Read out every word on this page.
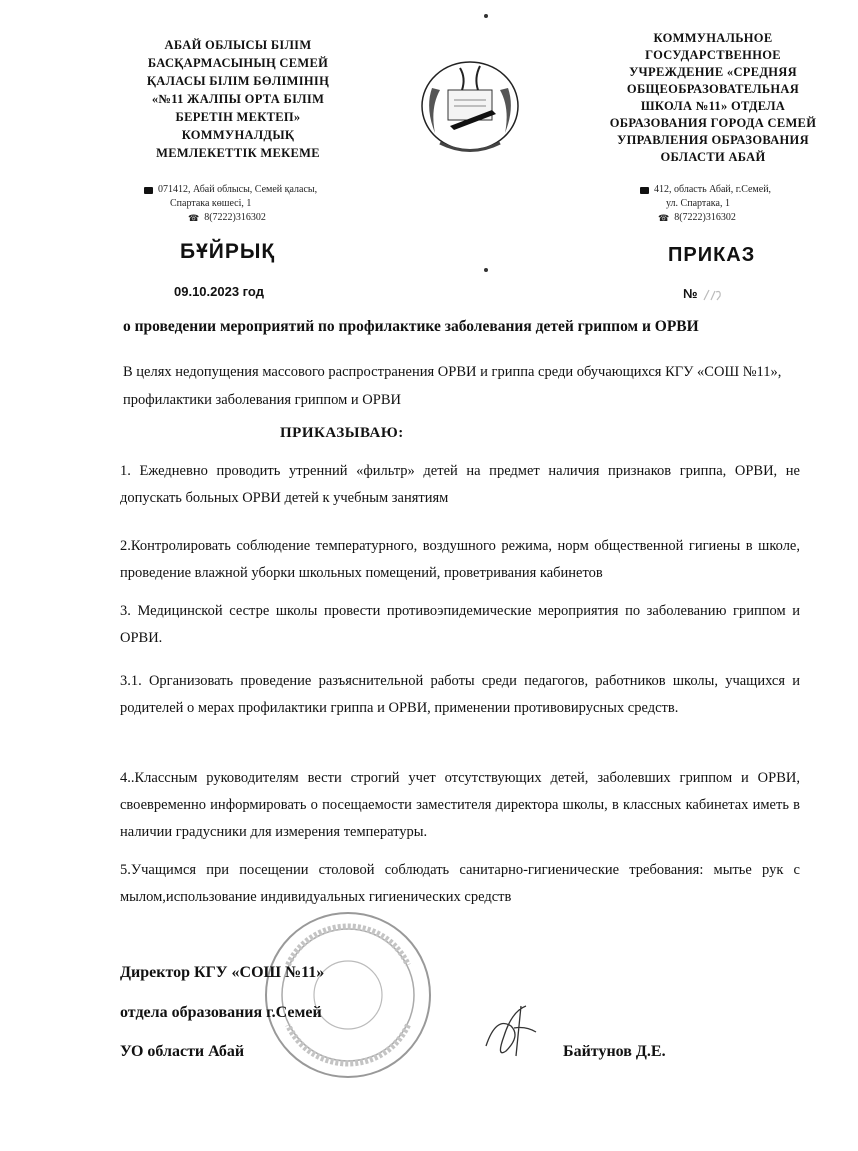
АБАЙ ОБЛЫСЫ БІЛІМ
БАСҚАРМАСЫНЫҢ СЕМЕЙ
ҚАЛАСЫ БІЛІМ БӨЛІМІНІҢ
«№11 ЖАЛПЫ ОРТА БІЛІМ
БЕРЕТІН МЕКТЕП»
КОММУНАЛДЫҚ
МЕМЛЕКЕТТІК МЕКЕМЕ
КОММУНАЛЬНОЕ
ГОСУДАРСТВЕННОЕ
УЧРЕЖДЕНИЕ «СРЕДНЯЯ
ОБЩЕОБРАЗОВАТЕЛЬНАЯ
ШКОЛА №11» ОТДЕЛА
ОБРАЗОВАНИЯ ГОРОДА СЕМЕЙ
УПРАВЛЕНИЯ ОБРАЗОВАНИЯ
ОБЛАСТИ АБАЙ
071412, Абай облысы, Семей қаласы,
Спартака көшесі, 1
☎ 8(7222)316302
412, область Абай, г.Семей,
ул. Спартака, 1
☎ 8(7222)316302
БҰЙРЫҚ	ПРИКАЗ
09.10.2023 год	№
о проведении мероприятий по профилактике заболевания детей гриппом и ОРВИ
В целях недопущения массового распространения ОРВИ и гриппа среди обучающихся КГУ «СОШ №11», профилактики заболевания гриппом и ОРВИ
ПРИКАЗЫВАЮ:
1. Ежедневно проводить утренний «фильтр» детей на предмет наличия признаков гриппа, ОРВИ, не допускать больных ОРВИ детей к учебным занятиям
2.Контролировать соблюдение температурного, воздушного режима, норм общественной гигиены в школе, проведение влажной уборки школьных помещений, проветривания кабинетов
3. Медицинской сестре школы провести противоэпидемические мероприятия по заболеванию гриппом и ОРВИ.
3.1. Организовать проведение разъяснительной работы среди педагогов, работников школы, учащихся и родителей о мерах профилактики гриппа и ОРВИ, применении противовирусных средств.
4..Классным руководителям вести строгий учет отсутствующих детей, заболевших гриппом и ОРВИ, своевременно информировать о посещаемости заместителя директора школы, в классных кабинетах иметь в наличии градусники для измерения температуры.
5.Учащимся при посещении столовой соблюдать санитарно-гигиенические требования: мытье рук с мылом,использование индивидуальных гигиенических средств
Директор КГУ «СОШ №11»
отдела образования г.Семей
УО области Абай	Байтунов Д.Е.
